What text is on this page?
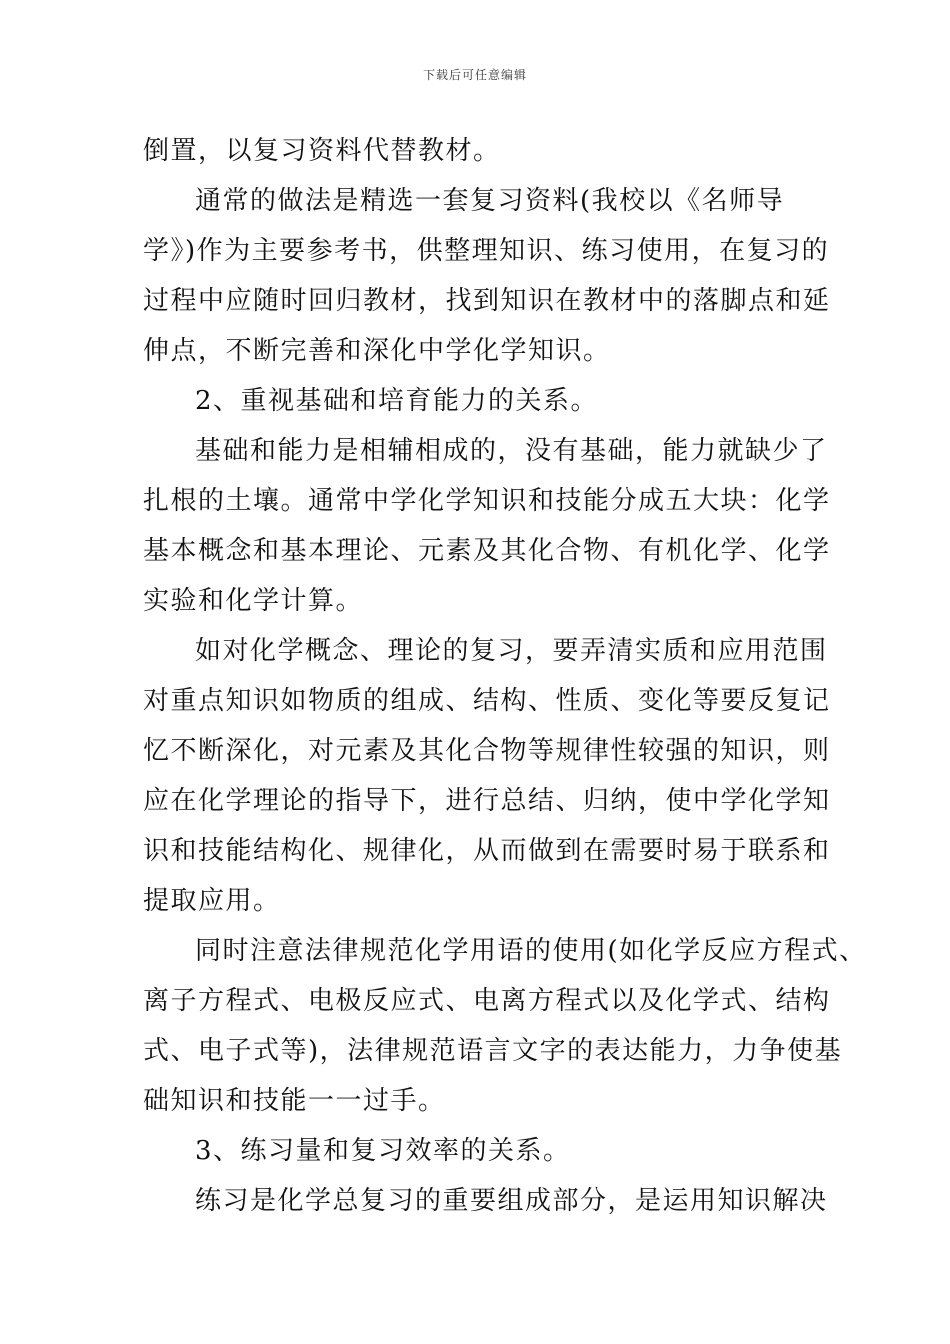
下载后可任意编辑
倒置，以复习资料代替教材。
通常的做法是精选一套复习资料(我校以《名师导
学》)作为主要参考书，供整理知识、练习使用，在复习的
过程中应随时回归教材，找到知识在教材中的落脚点和延
伸点，不断完善和深化中学化学知识。
2、重视基础和培育能力的关系。
基础和能力是相辅相成的，没有基础，能力就缺少了
扎根的土壤。通常中学化学知识和技能分成五大块：化学
基本概念和基本理论、元素及其化合物、有机化学、化学
实验和化学计算。
如对化学概念、理论的复习，要弄清实质和应用范围
对重点知识如物质的组成、结构、性质、变化等要反复记
忆不断深化，对元素及其化合物等规律性较强的知识，则
应在化学理论的指导下，进行总结、归纳，使中学化学知
识和技能结构化、规律化，从而做到在需要时易于联系和
提取应用。
同时注意法律规范化学用语的使用(如化学反应方程式、
离子方程式、电极反应式、电离方程式以及化学式、结构
式、电子式等)，法律规范语言文字的表达能力，力争使基
础知识和技能一一过手。
3、练习量和复习效率的关系。
练习是化学总复习的重要组成部分，是运用知识解决
